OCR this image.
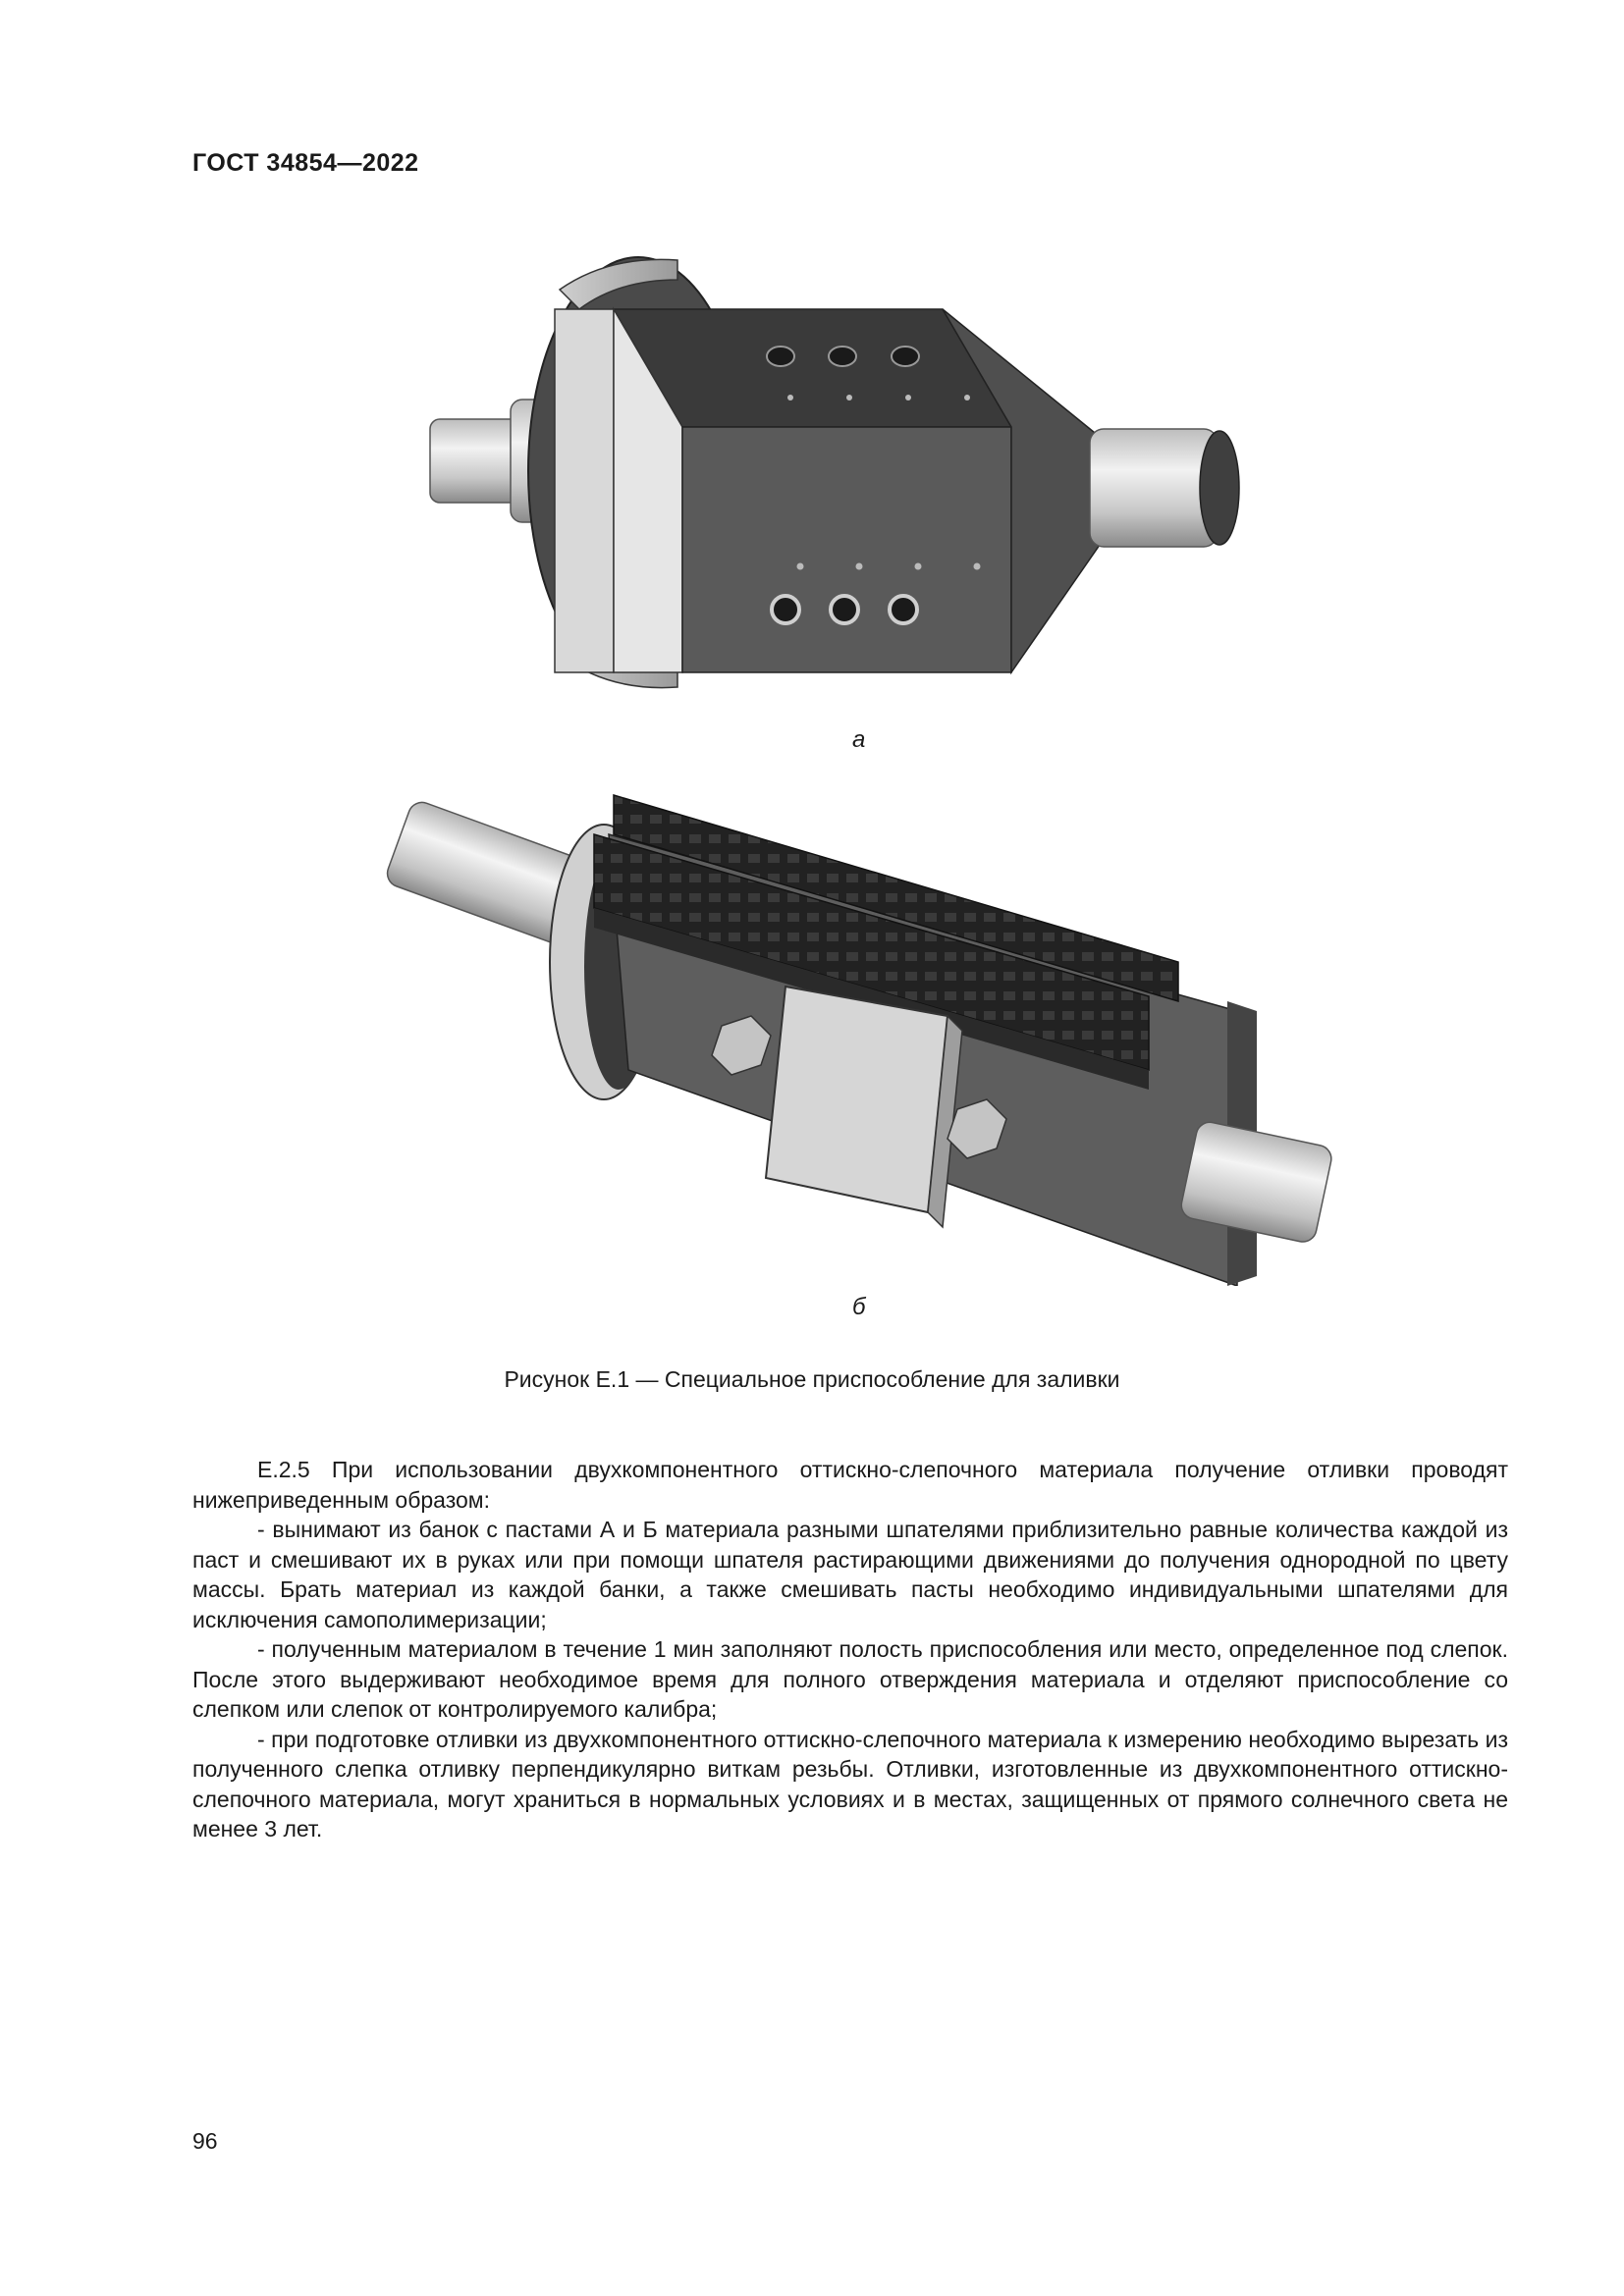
ГОСТ 34854—2022
а
б
Рисунок Е.1 — Специальное приспособление для заливки

Е.2.5 При использовании двухкомпонентного оттискно-слепочного материала получение отливки проводят нижеприведенным образом:

- вынимают из банок с пастами А и Б материала разными шпателями приблизительно равные количества каждой из паст и смешивают их в руках или при помощи шпателя растирающими движениями до получения однородной по цвету массы. Брать материал из каждой банки, а также смешивать пасты необходимо индивидуальными шпателями для исключения самополимеризации;

- полученным материалом в течение 1 мин заполняют полость приспособления или место, определенное под слепок. После этого выдерживают необходимое время для полного отверждения материала и отделяют приспособление со слепком или слепок от контролируемого калибра;

- при подготовке отливки из двухкомпонентного оттискно-слепочного материала к измерению необходимо вырезать из полученного слепка отливку перпендикулярно виткам резьбы. Отливки, изготовленные из двухкомпонентного оттискно-слепочного материала, могут храниться в нормальных условиях и в местах, защищенных от прямого солнечного света не менее 3 лет.

96
